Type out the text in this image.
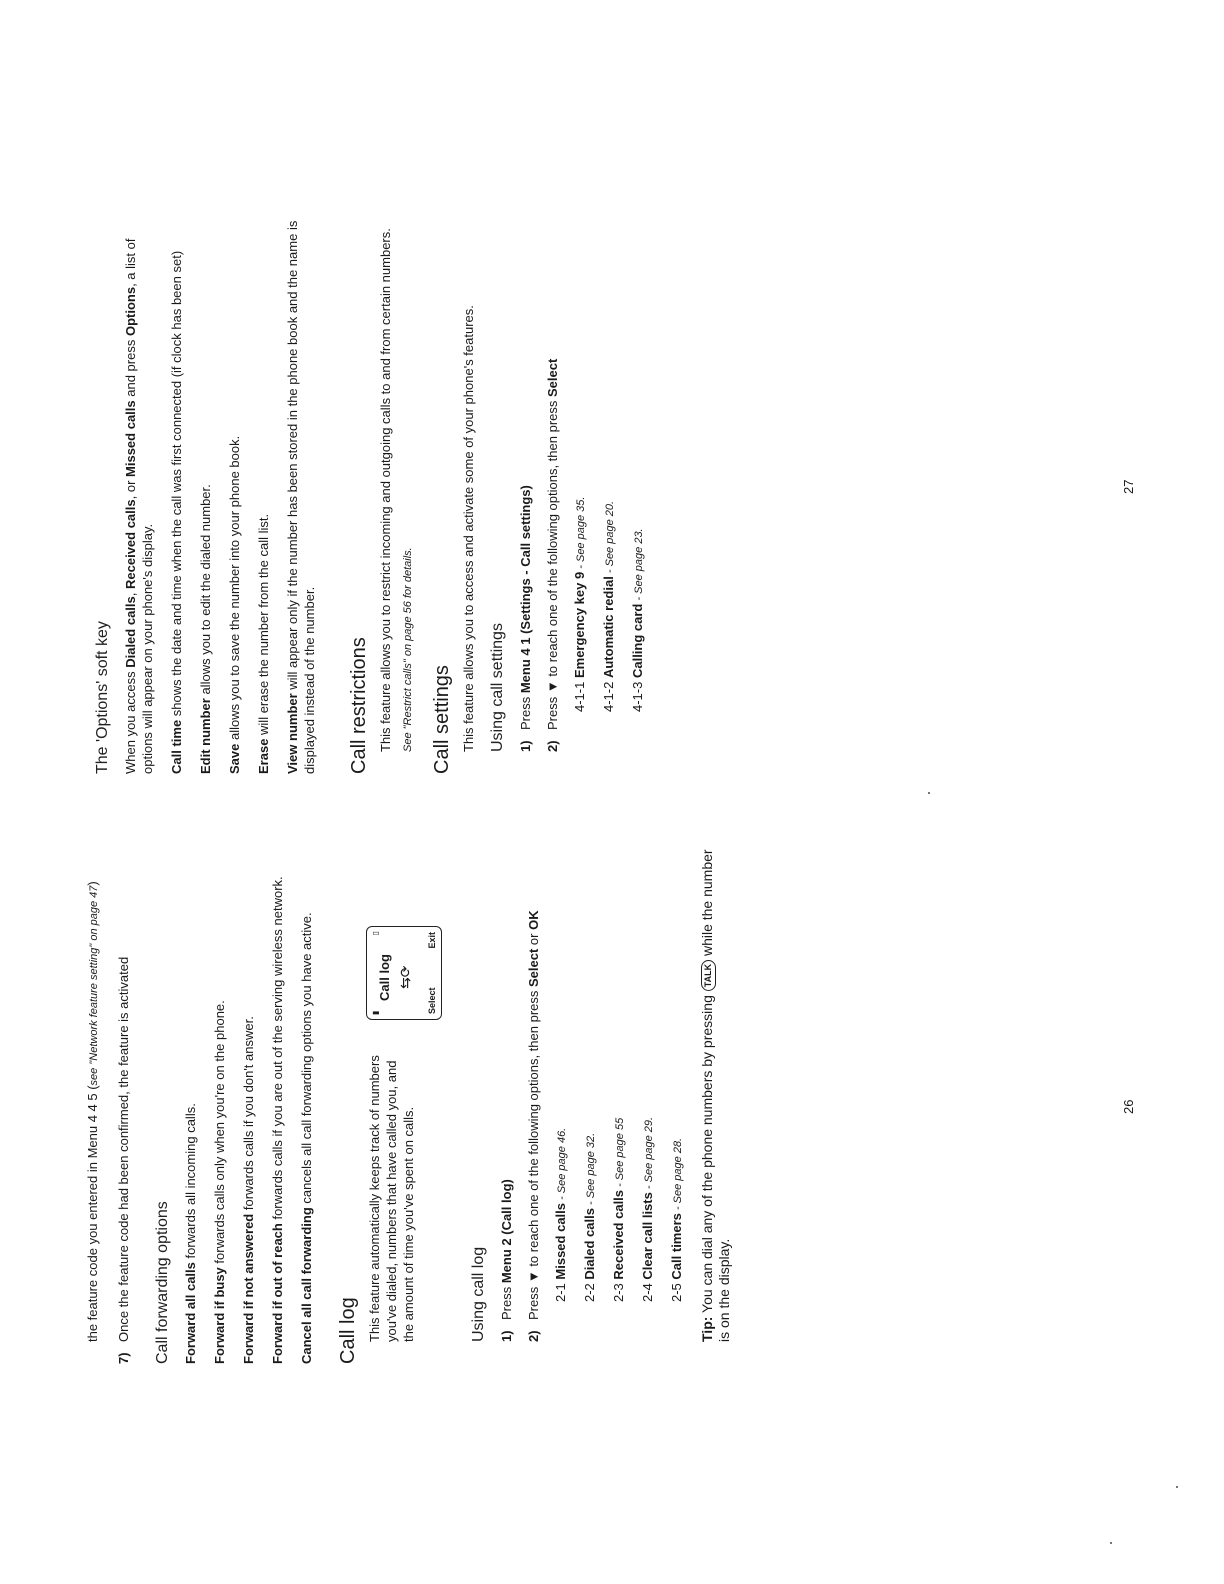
the feature code you entered in Menu 4 4 5 (see "Network feature setting" on page 47)

7)
Once the feature code had been confirmed, the feature is activated Call forwarding options Forward all calls forwards all incoming calls.

Forward if busy forwards calls only when you're on the phone.

Forward if not answered forwards calls if you don't answer.

Forward if out of reach forwards calls if you are out of the serving wireless network.

Cancel all call forwarding cancels all call forwarding options you have active.

Call log This feature automatically keeps track of numbers you've dialed, numbers that have called you, and the amount of time you've spent on calls.

▮
▯
Call log ⇆⟳
Select
Exit
Using call log 1)
Press Menu 2 (Call log)
2)
Press ▼ to reach one of the following options, then press Select or OK

2-1 Missed calls - See page 46.

2-2 Dialed calls - See page 32.

2-3 Received calls - See page 55

2-4 Clear call lists - See page 29.

2-5 Call timers - See page 28.

Tip: You can dial any of the phone numbers by pressing TALK while the number is on the display.

26
The 'Options' soft key When you access Dialed calls, Received calls, or Missed calls and press Options, a list of options will appear on your phone's display. Call time shows the date and time when the call was first connected (if clock has been set)

Edit number allows you to edit the dialed number.

Save allows you to save the number into your phone book.

Erase will erase the number from the call list. View number will appear only if the number has been stored in the phone book and the name is displayed instead of the number. Call restrictions This feature allows you to restrict incoming and outgoing calls to and from certain numbers. See "Restrict calls" on page 56 for details. Call settings This feature allows you to access and activate some of your phone's features. Using call settings 1)
Press Menu 4 1 (Settings - Call settings)
2)
Press ▼ to reach one of the following options, then press Select

4-1-1 Emergency key 9 - See page 35.

4-1-2 Automatic redial - See page 20.

4-1-3 Calling card - See page 23.

27
